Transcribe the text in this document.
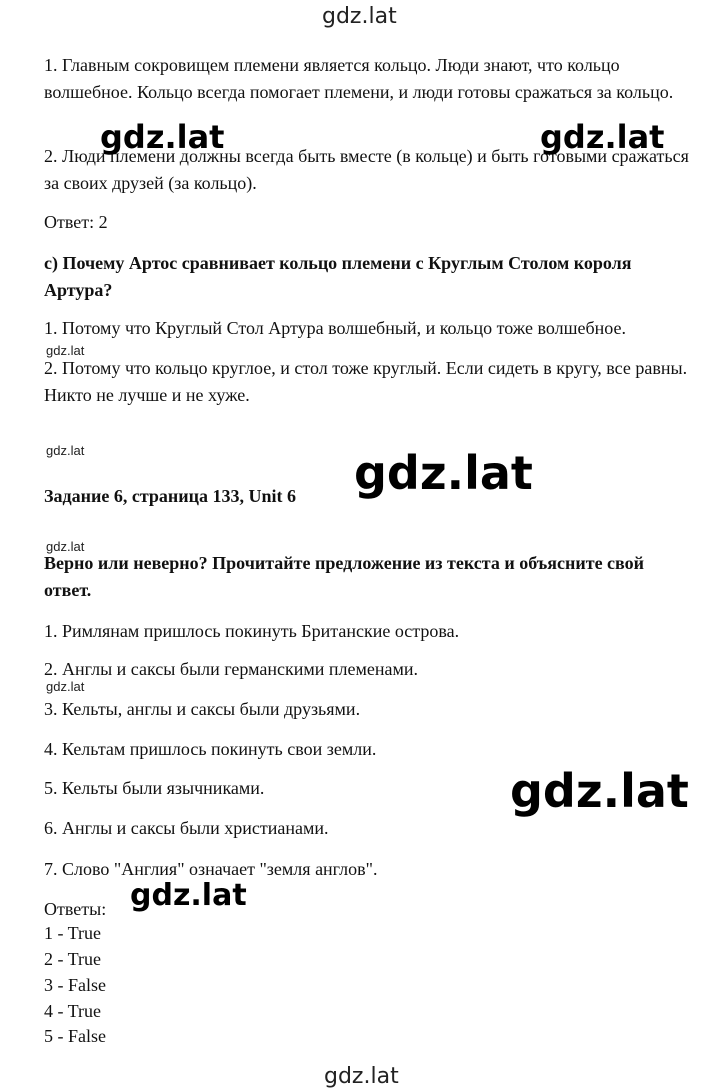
gdz.lat

1. Главным сокровищем племени является кольцо. Люди знают, что кольцо волшебное. Кольцо всегда помогает племени, и люди готовы сражаться за кольцо.

2. Люди племени должны всегда быть вместе (в кольце) и быть готовыми сражаться за своих друзей (за кольцо).

Ответ: 2

c) Почему Артос сравнивает кольцо племени с Круглым Столом короля Артура?

1. Потому что Круглый Стол Артура волшебный, и кольцо тоже волшебное.

2. Потому что кольцо круглое, и стол тоже круглый. Если сидеть в кругу, все равны. Никто не лучше и не хуже.

Задание 6, страница 133, Unit 6

Верно или неверно? Прочитайте предложение из текста и объясните свой ответ.

1. Римлянам пришлось покинуть Британские острова.

2. Англы и саксы были германскими племенами.

3. Кельты, англы и саксы были друзьями.

4. Кельтам пришлось покинуть свои земли.

5. Кельты были язычниками.

6. Англы и саксы были христианами.

7. Слово "Англия" означает "земля англов".

Ответы:

1 - True

2 - True

3 - False

4 - True

5 - False

gdz.lat
gdz.lat
gdz.lat
gdz.lat
gdz.lat	gdz.lat
gdz.lat
gdz.lat
gdz.lat
gdz.lat
